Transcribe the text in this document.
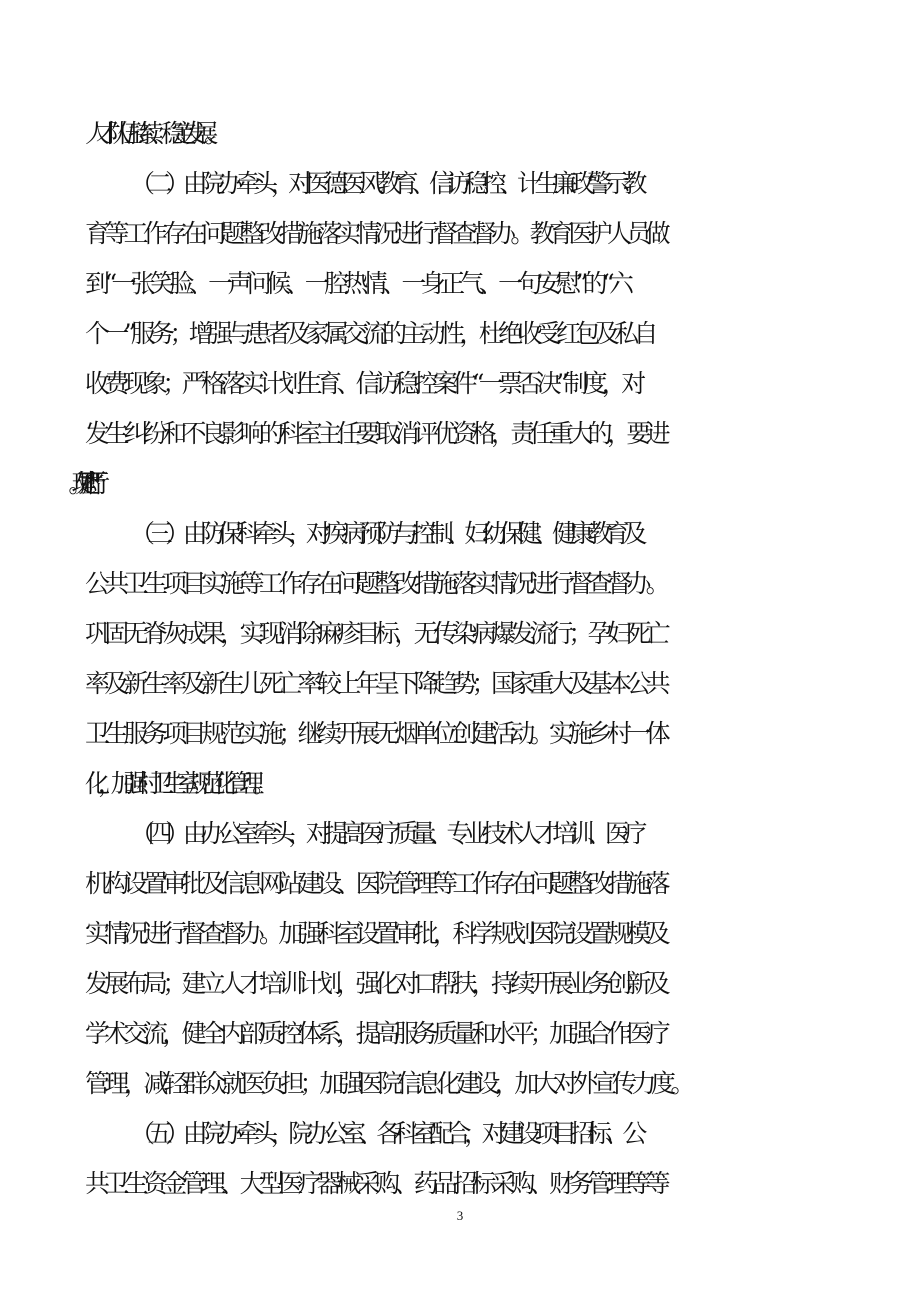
人才队伍持续、稳定发展。
（二）由院办牵头，对医德医风教育、信访稳控、计生廉政警示教
育等工作存在问题整改措施落实情况进行督查督办。教育医护人员做
到“一张笑脸、一声问候、一腔热情、一身正气、一句安慰”的“六
个一”服务；增强与患者及家属交流的主动性，杜绝收受红包及私自
收费现象；严格落实计划生育、信访稳控案件“一票否决”制度，对
发生纠纷和不良影响的科室主任要取消评优资格，责任重大的，要进
（三）由防保科牵头，对疾病预防与控制、妇幼保健、健康教育及
公共卫生项目实施等工作存在问题整改措施落实情况进行督查督办。
巩固无脊灰成果，实现消除麻疹目标，无传染病爆发流行；孕妇死亡
率及新生率及新生儿死亡率较上年呈下降趋势；国家重大及基本公共
卫生服务项目规范实施；继续开展无烟单位创建活动。实施乡村一体
化，加强村卫生室规范化管理。
（四）由办公室牵头，对提高医疗质量、专业技术人才培训、医疗
机构设置审批及信息网站建设、医院管理等工作存在问题整改措施落
实情况进行督查督办。加强科室设置审批，科学规划医院设置规模及
发展布局；建立人才培训计划，强化对口帮扶，持续开展业务创新及
学术交流，健全内部质控体系，提高服务质量和水平；加强合作医疗
管理，减轻群众就医负担；加强医院信息化建设，加大对外宣传力度。
（五）由院办牵头，院办公室、各科室配合，对建设项目招标、公
共卫生资金管理、大型医疗器械采购、药品招标采购、财务管理等等
3
